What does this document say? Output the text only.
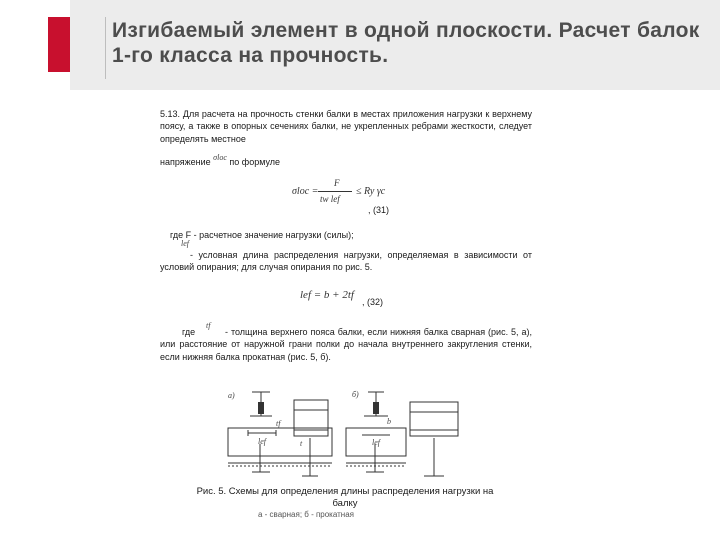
Изгибаемый элемент в одной плоскости. Расчет балок 1-го класса на прочность.

5.13. Для расчета на прочность стенки балки в местах приложения нагрузки к верхнему поясу, а также в опорных сечениях балки, не укрепленных ребрами жесткости, следует определять местное

напряжение σloc по формуле
σloc =
F
tw lef
≤ Ry γc
, (31)
где F - расчетное значение нагрузки (силы);
lef
- условная длина распределения нагрузки, определяемая в зависимости от условий опирания; для случая опирания по рис. 5.
lef = b + 2tf
, (32)
где
tf
- толщина верхнего пояса балки, если нижняя балка сварная (рис. 5, а), или расстояние от наружной грани полки до начала внутреннего закругления стенки, если нижняя балка прокатная (рис. 5, б).
а)	б)
lef	lef
tf
t
b
Рис. 5. Схемы для определения длины распределения нагрузки на балку
а - сварная; б - прокатная
